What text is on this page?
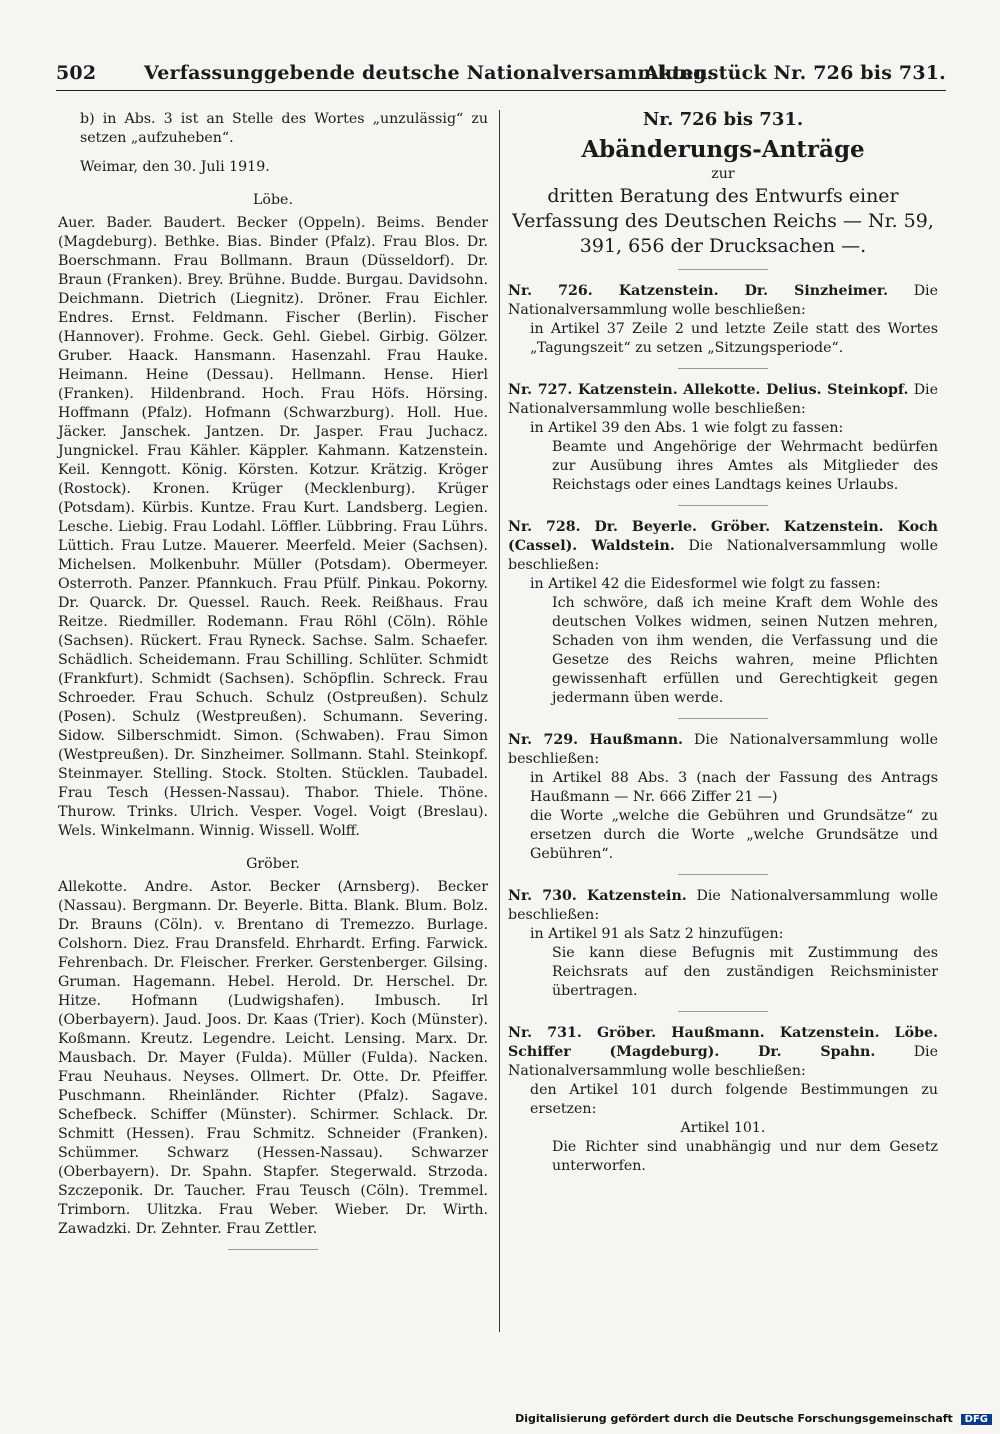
502	Verfassunggebende deutsche Nationalversammlung.
Aktenstück Nr. 726 bis 731.

b) in Abs. 3 ist an Stelle des Wortes „unzulässig“ zu setzen „aufzuheben“.

Weimar, den 30. Juli 1919.

Löbe.

Auer. Bader. Baudert. Becker (Oppeln). Beims. Bender (Magdeburg). Bethke. Bias. Binder (Pfalz). Frau Blos. Dr. Boerschmann. Frau Bollmann. Braun (Düsseldorf). Dr. Braun (Franken). Brey. Brühne. Budde. Burgau. Davidsohn. Deichmann. Dietrich (Liegnitz). Dröner. Frau Eichler. Endres. Ernst. Feldmann. Fischer (Berlin). Fischer (Hannover). Frohme. Geck. Gehl. Giebel. Girbig. Gölzer. Gruber. Haack. Hansmann. Hasenzahl. Frau Hauke. Heimann. Heine (Dessau). Hellmann. Hense. Hierl (Franken). Hildenbrand. Hoch. Frau Höfs. Hörsing. Hoffmann (Pfalz). Hofmann (Schwarzburg). Holl. Hue. Jäcker. Janschek. Jantzen. Dr. Jasper. Frau Juchacz. Jungnickel. Frau Kähler. Käppler. Kahmann. Katzenstein. Keil. Kenngott. König. Körsten. Kotzur. Krätzig. Kröger (Rostock). Kronen. Krüger (Mecklenburg). Krüger (Potsdam). Kürbis. Kuntze. Frau Kurt. Landsberg. Legien. Lesche. Liebig. Frau Lodahl. Löffler. Lübbring. Frau Lührs. Lüttich. Frau Lutze. Mauerer. Meerfeld. Meier (Sachsen). Michelsen. Molkenbuhr. Müller (Potsdam). Obermeyer. Osterroth. Panzer. Pfannkuch. Frau Pfülf. Pinkau. Pokorny. Dr. Quarck. Dr. Quessel. Rauch. Reek. Reißhaus. Frau Reitze. Riedmiller. Rodemann. Frau Röhl (Cöln). Röhle (Sachsen). Rückert. Frau Ryneck. Sachse. Salm. Schaefer. Schädlich. Scheidemann. Frau Schilling. Schlüter. Schmidt (Frankfurt). Schmidt (Sachsen). Schöpflin. Schreck. Frau Schroeder. Frau Schuch. Schulz (Ostpreußen). Schulz (Posen). Schulz (Westpreußen). Schumann. Severing. Sidow. Silberschmidt. Simon. (Schwaben). Frau Simon (Westpreußen). Dr. Sinzheimer. Sollmann. Stahl. Steinkopf. Steinmayer. Stelling. Stock. Stolten. Stücklen. Taubadel. Frau Tesch (Hessen-Nassau). Thabor. Thiele. Thöne. Thurow. Trinks. Ulrich. Vesper. Vogel. Voigt (Breslau). Wels. Winkelmann. Winnig. Wissell. Wolff.

Gröber.

Allekotte. Andre. Astor. Becker (Arnsberg). Becker (Nassau). Bergmann. Dr. Beyerle. Bitta. Blank. Blum. Bolz. Dr. Brauns (Cöln). v. Brentano di Tremezzo. Burlage. Colshorn. Diez. Frau Dransfeld. Ehrhardt. Erfing. Farwick. Fehrenbach. Dr. Fleischer. Frerker. Gerstenberger. Gilsing. Gruman. Hagemann. Hebel. Herold. Dr. Herschel. Dr. Hitze. Hofmann (Ludwigshafen). Imbusch. Irl (Oberbayern). Jaud. Joos. Dr. Kaas (Trier). Koch (Münster). Koßmann. Kreutz. Legendre. Leicht. Lensing. Marx. Dr. Mausbach. Dr. Mayer (Fulda). Müller (Fulda). Nacken. Frau Neuhaus. Neyses. Ollmert. Dr. Otte. Dr. Pfeiffer. Puschmann. Rheinländer. Richter (Pfalz). Sagave. Schefbeck. Schiffer (Münster). Schirmer. Schlack. Dr. Schmitt (Hessen). Frau Schmitz. Schneider (Franken). Schümmer. Schwarz (Hessen-Nassau). Schwarzer (Oberbayern). Dr. Spahn. Stapfer. Stegerwald. Strzoda. Szczeponik. Dr. Taucher. Frau Teusch (Cöln). Tremmel. Trimborn. Ulitzka. Frau Weber. Wieber. Dr. Wirth. Zawadzki. Dr. Zehnter. Frau Zettler.

Nr. 726 bis 731.

Abänderungs-Anträge

zur

dritten Beratung des Entwurfs einer Verfassung des Deutschen Reichs — Nr. 59, 391, 656 der Drucksachen —.

Nr. 726. Katzenstein. Dr. Sinzheimer. Die Nationalversammlung wolle beschließen:

in Artikel 37 Zeile 2 und letzte Zeile statt des Wortes „Tagungszeit“ zu setzen „Sitzungsperiode“.

Nr. 727. Katzenstein. Allekotte. Delius. Steinkopf. Die Nationalversammlung wolle beschließen:

in Artikel 39 den Abs. 1 wie folgt zu fassen:

Beamte und Angehörige der Wehrmacht bedürfen zur Ausübung ihres Amtes als Mitglieder des Reichstags oder eines Landtags keines Urlaubs.

Nr. 728. Dr. Beyerle. Gröber. Katzenstein. Koch (Cassel). Waldstein. Die Nationalversammlung wolle beschließen:

in Artikel 42 die Eidesformel wie folgt zu fassen:

Ich schwöre, daß ich meine Kraft dem Wohle des deutschen Volkes widmen, seinen Nutzen mehren, Schaden von ihm wenden, die Verfassung und die Gesetze des Reichs wahren, meine Pflichten gewissenhaft erfüllen und Gerechtigkeit gegen jedermann üben werde.

Nr. 729. Haußmann. Die Nationalversammlung wolle beschließen:

in Artikel 88 Abs. 3 (nach der Fassung des Antrags Haußmann — Nr. 666 Ziffer 21 —)

die Worte „welche die Gebühren und Grundsätze“ zu ersetzen durch die Worte „welche Grundsätze und Gebühren“.

Nr. 730. Katzenstein. Die Nationalversammlung wolle beschließen:

in Artikel 91 als Satz 2 hinzufügen:

Sie kann diese Befugnis mit Zustimmung des Reichsrats auf den zuständigen Reichsminister übertragen.

Nr. 731. Gröber. Haußmann. Katzenstein. Löbe. Schiffer (Magdeburg). Dr. Spahn.	Die Nationalversammlung wolle beschließen:

den Artikel 101 durch folgende Bestimmungen zu ersetzen:

Artikel 101.

Die Richter sind unabhängig und nur dem Gesetz unterworfen.

Digitalisierung gefördert durch die Deutsche Forschungsgemeinschaft DFG
